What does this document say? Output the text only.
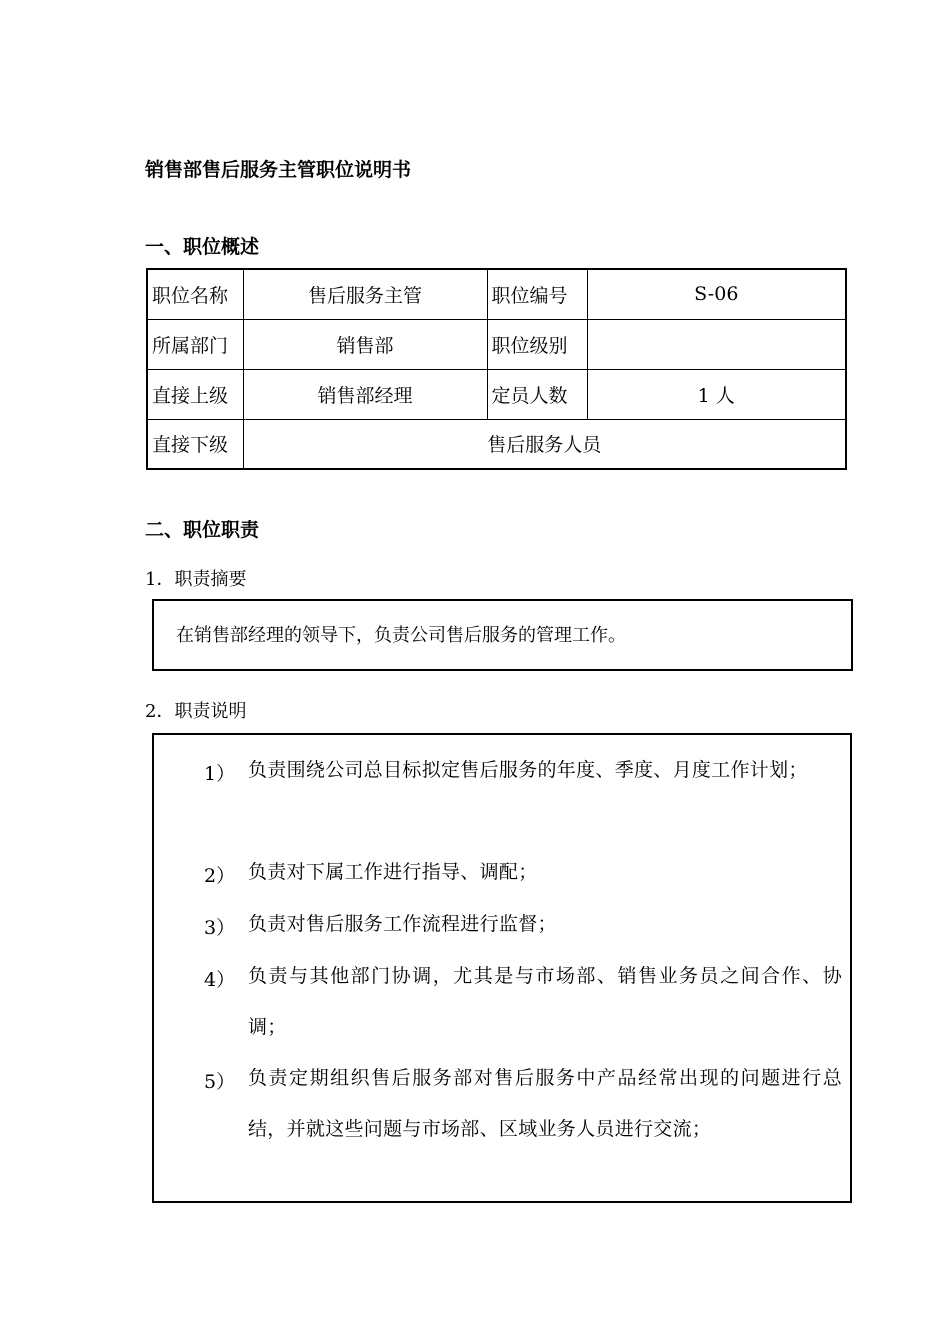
销售部售后服务主管职位说明书
一、职位概述
职位名称	售后服务主管	职位编号	S-06
所属部门	销售部	职位级别	
直接上级	销售部经理	定员人数	1 人
直接下级	售后服务人员		
二、职位职责
1．职责摘要
在销售部经理的领导下，负责公司售后服务的管理工作。
2．职责说明
1） 负责围绕公司总目标拟定售后服务的年度、季度、月度工作计划；
2） 负责对下属工作进行指导、调配；
3） 负责对售后服务工作流程进行监督；
4） 负责与其他部门协调，尤其是与市场部、销售业务员之间合作、协调；
5） 负责定期组织售后服务部对售后服务中产品经常出现的问题进行总结，并就这些问题与市场部、区域业务人员进行交流；
